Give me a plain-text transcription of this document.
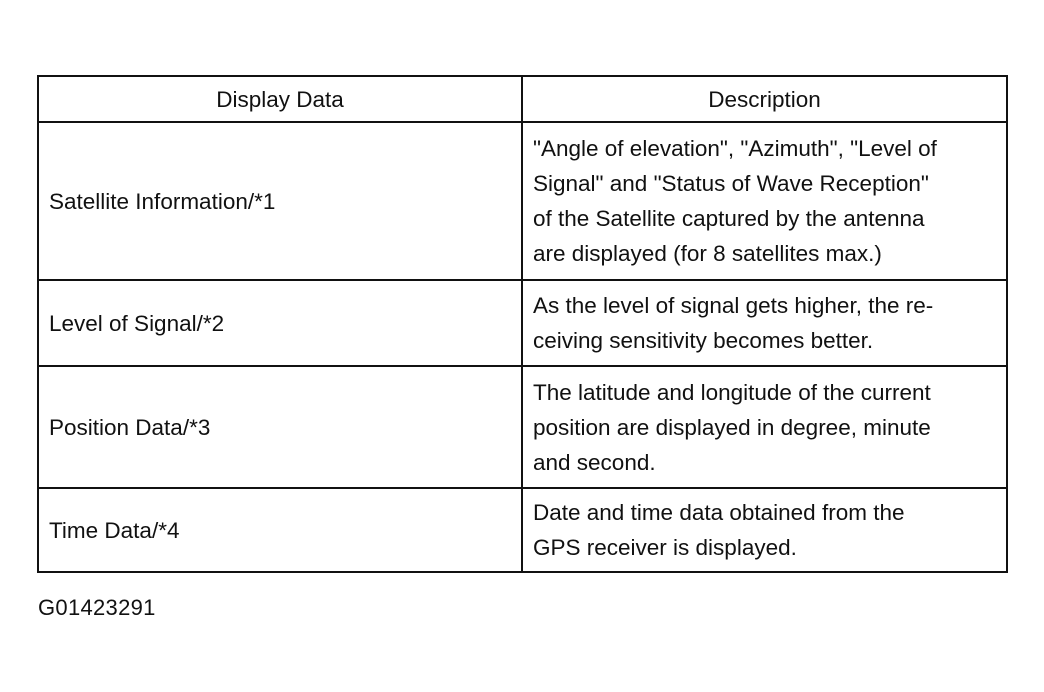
Display Data	Description
Satellite Information/*1	"Angle of elevation", "Azimuth", "Level of
Signal" and "Status of Wave Reception"
of the Satellite captured by the antenna
are displayed (for 8 satellites max.)

Level of Signal/*2	As the level of signal gets higher, the re-
ceiving sensitivity becomes better.

Position Data/*3	The latitude and longitude of the current
position are displayed in degree, minute
and second.

Time Data/*4	Date and time data obtained from the
GPS receiver is displayed.
G01423291
